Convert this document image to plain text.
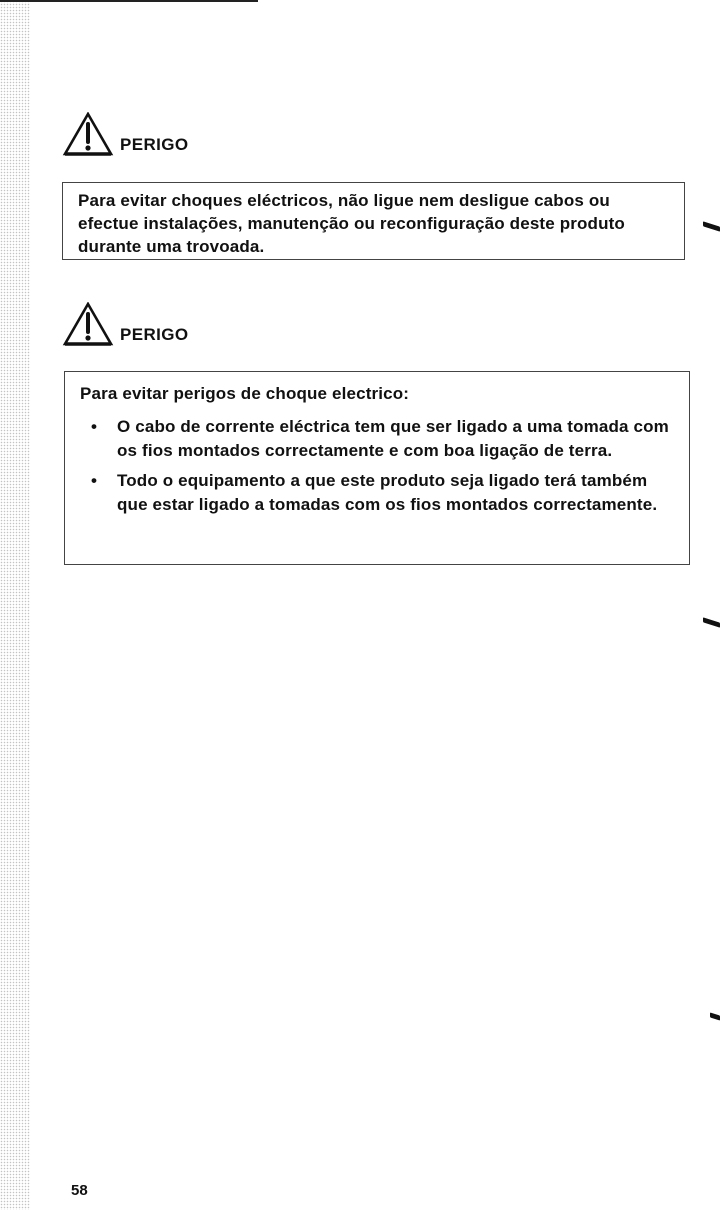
PERIGO
Para evitar choques eléctricos, não ligue nem desligue cabos ou efectue instalações, manutenção ou reconfiguração deste produto durante uma trovoada.
PERIGO
Para evitar perigos de choque electrico:
• O cabo de corrente eléctrica tem que ser ligado a uma tomada com os fios montados correctamente e com boa ligação de terra.
• Todo o equipamento a que este produto seja ligado terá também que estar ligado a tomadas com os fios montados correctamente.
58
